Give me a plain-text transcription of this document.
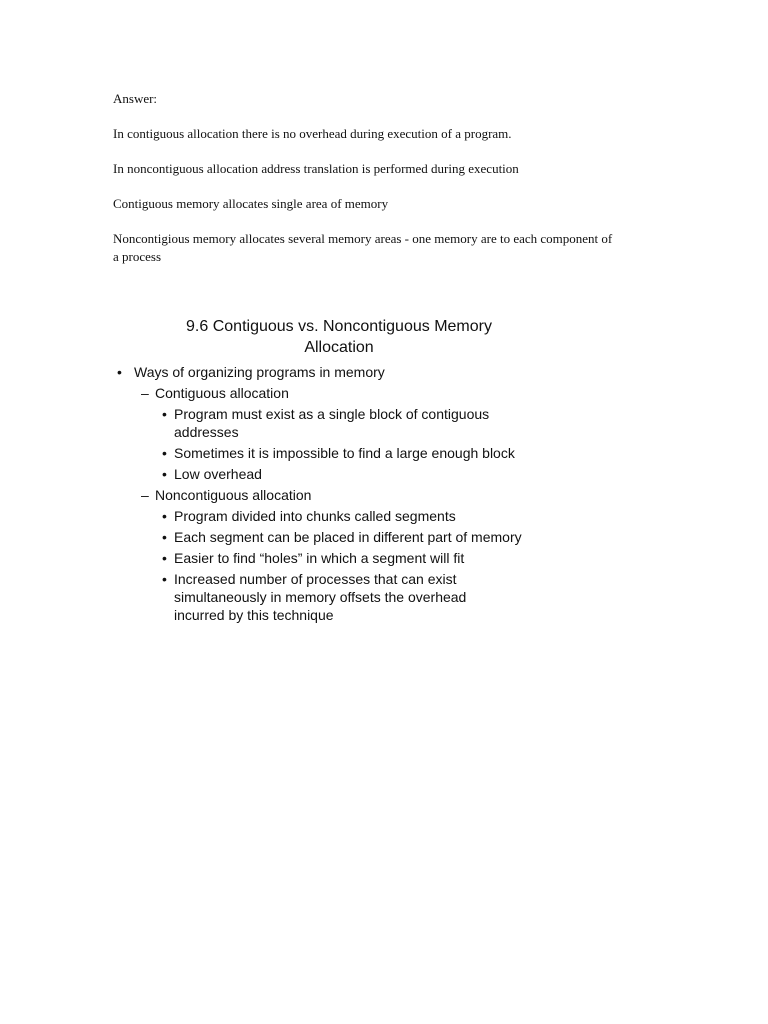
Answer:

In contiguous allocation there is no overhead during execution of a program.

In noncontiguous allocation address translation is performed during execution

Contiguous memory allocates single area of memory

Noncontigious memory allocates several memory areas - one memory are to each component of a process

9.6 Contiguous vs. Noncontiguous Memory
Allocation
• Ways of organizing programs in memory
– Contiguous allocation
• Program must exist as a single block of contiguous addresses
• Sometimes it is impossible to find a large enough block
• Low overhead
– Noncontiguous allocation
• Program divided into chunks called segments
• Each segment can be placed in different part of memory
• Easier to find “holes” in which a segment will fit
• Increased number of processes that can exist simultaneously in memory offsets the overhead incurred by this technique
